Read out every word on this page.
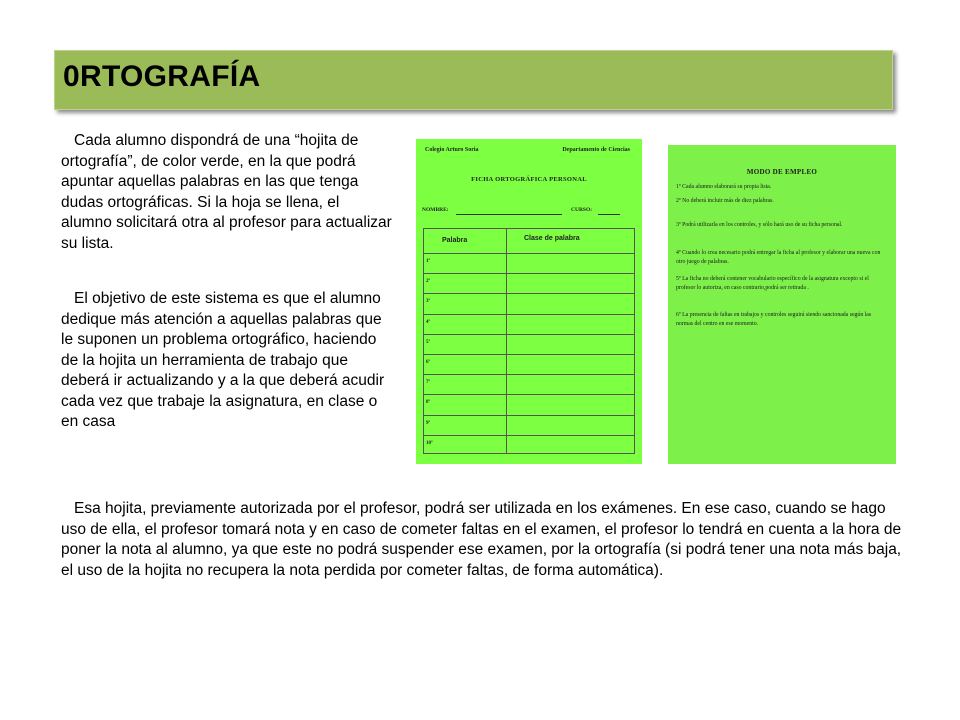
0RTOGRAFÍA

Cada alumno dispondrá de una “hojita de ortografía”, de color verde, en la que podrá apuntar aquellas palabras en las que tenga dudas ortográficas. Si la hoja se llena, el alumno solicitará otra al profesor para actualizar su lista.

El objetivo de este sistema es que el alumno dedique más atención a aquellas palabras que le suponen un problema ortográfico, haciendo de la hojita un herramienta de trabajo que deberá ir actualizando y a la que deberá acudir cada vez que trabaje la asignatura, en clase o en casa

Colegio Arturo Soria	Departamento de Ciencias
FICHA ORTOGRÁFICA PERSONAL
NOMBRE:	CURSO:
Palabra	Clase de palabra
1º
2º
3º
4º
5º
6º
7º
8º
9º
10º
MODO DE EMPLEO
1º Cada alumno elaborará su propia lista.
2º No deberá incluir más de diez palabras.
3º Podrá utilizarla en los controles, y sólo hará uso de su ficha personal.
4º Cuando lo crea necesario podrá entregar la ficha al profesor y elaborar una nueva con otro juego de palabras.
5º La ficha no deberá contener vocabulario específico de la asignatura excepto si el profesor lo autoriza, en caso contrario,podrá ser retirada .
6º La presencia de faltas en trabajos y controles seguirá siendo sancionada según las normas del centro en ese momento.

Esa hojita, previamente autorizada por el profesor, podrá ser utilizada en los exámenes. En ese caso, cuando se hago uso de ella, el profesor tomará nota y en caso de cometer faltas en el examen, el profesor lo tendrá en cuenta a la hora de poner la nota al alumno, ya que este no podrá suspender ese examen, por la ortografía (si podrá tener una nota más baja, el uso de la hojita no recupera la nota perdida por cometer faltas, de forma automática).
